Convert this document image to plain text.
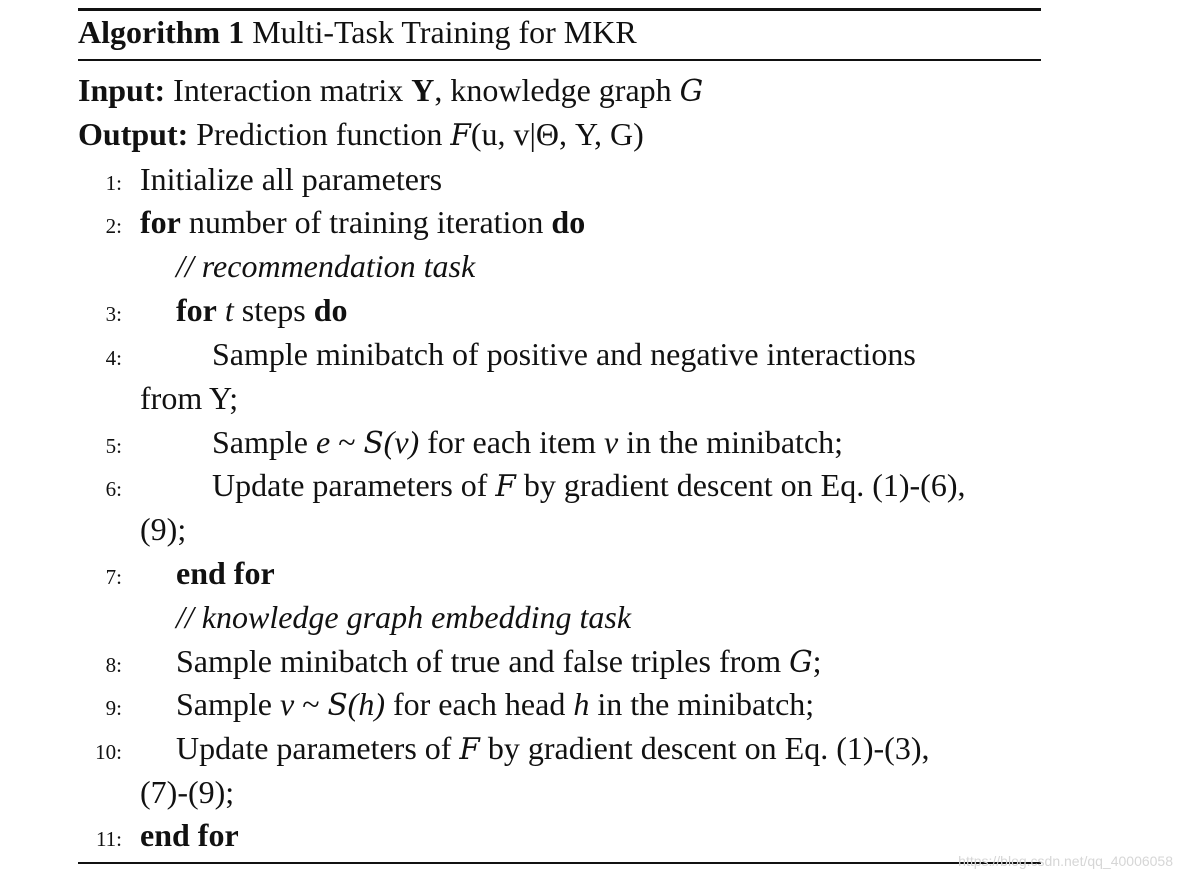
Algorithm 1 Multi-Task Training for MKR
Input: Interaction matrix Y, knowledge graph G
Output: Prediction function F(u, v|Θ, Y, G)
1: Initialize all parameters
2: for number of training iteration do
// recommendation task
3: for t steps do
4:	Sample minibatch of positive and negative interactions
from Y;
5:	Sample e ~ S(v) for each item v in the minibatch;
6:	Update parameters of F by gradient descent on Eq. (1)-(6),
(9);
7: end for
// knowledge graph embedding task
8: Sample minibatch of true and false triples from G;
9: Sample v ~ S(h) for each head h in the minibatch;
10: Update parameters of F by gradient descent on Eq. (1)-(3),
(7)-(9);
11: end for
https://blog.csdn.net/qq_40006058
